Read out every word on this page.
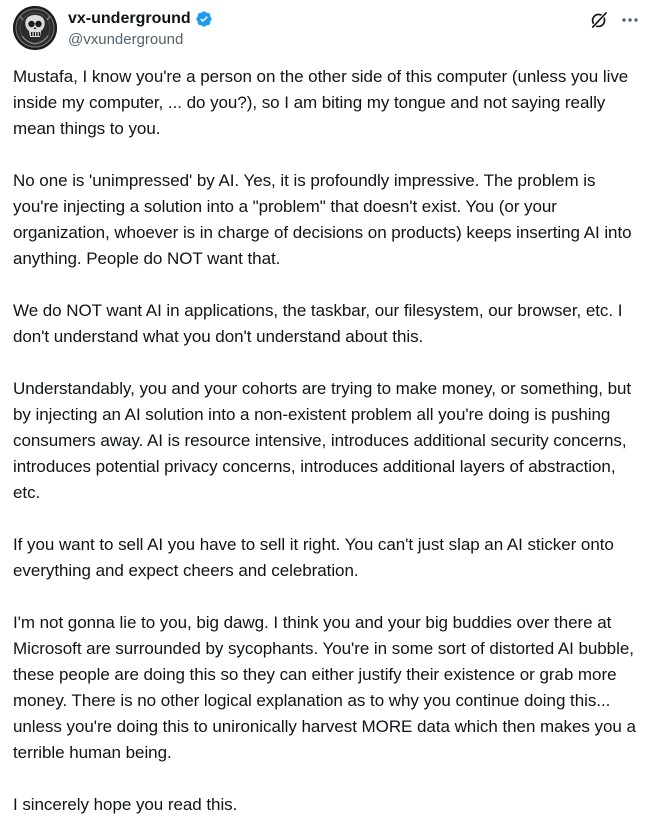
vx-underground
@vxunderground

Mustafa, I know you're a person on the other side of this computer (unless you live inside my computer, ... do you?), so I am biting my tongue and not saying really mean things to you.

No one is 'unimpressed' by AI. Yes, it is profoundly impressive. The problem is you're injecting a solution into a "problem" that doesn't exist. You (or your organization, whoever is in charge of decisions on products) keeps inserting AI into anything. People do NOT want that.

We do NOT want AI in applications, the taskbar, our filesystem, our browser, etc. I don't understand what you don't understand about this.

Understandably, you and your cohorts are trying to make money, or something, but by injecting an AI solution into a non-existent problem all you're doing is pushing consumers away. AI is resource intensive, introduces additional security concerns, introduces potential privacy concerns, introduces additional layers of abstraction, etc.

If you want to sell AI you have to sell it right. You can't just slap an AI sticker onto everything and expect cheers and celebration.

I'm not gonna lie to you, big dawg. I think you and your big buddies over there at Microsoft are surrounded by sycophants. You're in some sort of distorted AI bubble, these people are doing this so they can either justify their existence or grab more money. There is no other logical explanation as to why you continue doing this... unless you're doing this to unironically harvest MORE data which then makes you a terrible human being.

I sincerely hope you read this.
